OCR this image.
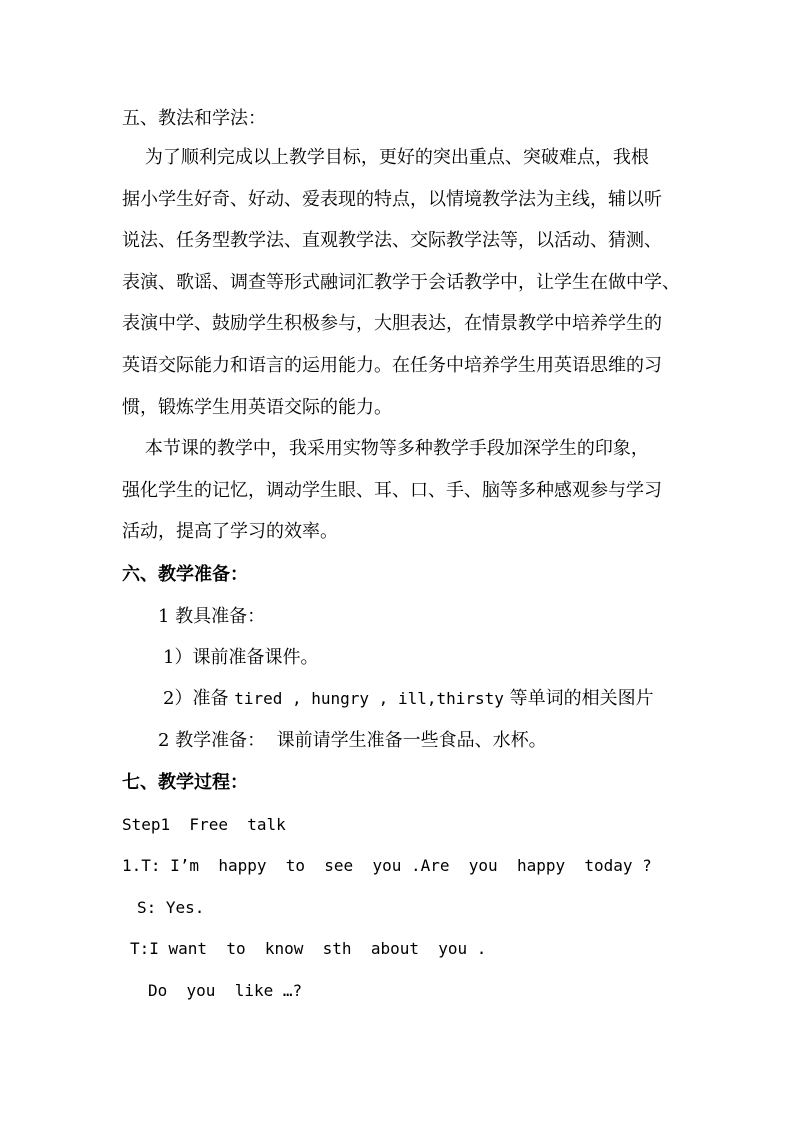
五、教法和学法：
为了顺利完成以上教学目标，更好的突出重点、突破难点，我根
据小学生好奇、好动、爱表现的特点，以情境教学法为主线，辅以听
说法、任务型教学法、直观教学法、交际教学法等，以活动、猜测、
表演、歌谣、调查等形式融词汇教学于会话教学中，让学生在做中学、
表演中学、鼓励学生积极参与，大胆表达，在情景教学中培养学生的
英语交际能力和语言的运用能力。在任务中培养学生用英语思维的习
惯，锻炼学生用英语交际的能力。
本节课的教学中，我采用实物等多种教学手段加深学生的印象，
强化学生的记忆，调动学生眼、耳、口、手、脑等多种感观参与学习
活动，提高了学习的效率。
六、教学准备：
1 教具准备：
1）课前准备课件。
2）准备 tired , hungry , ill,thirsty 等单词的相关图片
2 教学准备：  课前请学生准备一些食品、水杯。
七、教学过程：
Step1  Free  talk
1.T: I’m  happy  to  see  you .Are  you  happy  today ?
S: Yes.
T:I want  to  know  sth  about  you .
Do  you  like …?
